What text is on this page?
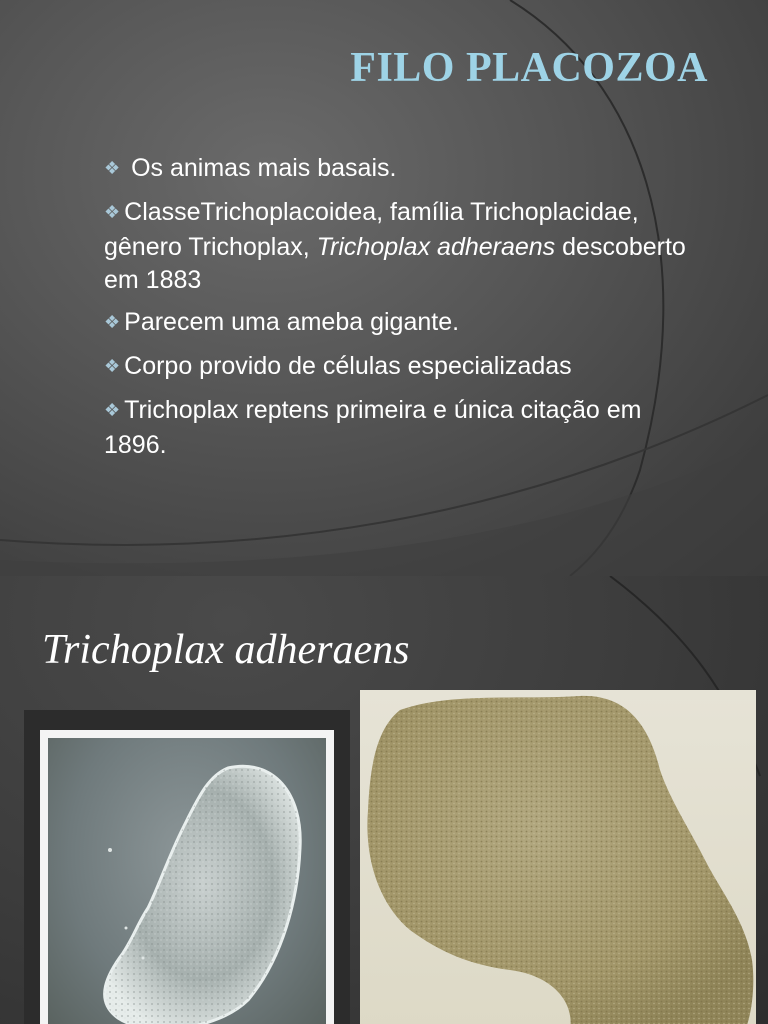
FILO PLACOZOA
❖ Os animas mais basais.
❖ ClasseTrichoplacoidea, família Trichoplacidae, gênero Trichoplax, Trichoplax adheraens descoberto em 1883
❖ Parecem uma ameba gigante.
❖ Corpo provido de células especializadas
❖ Trichoplax reptens primeira e única citação em 1896.
Trichoplax adheraens
